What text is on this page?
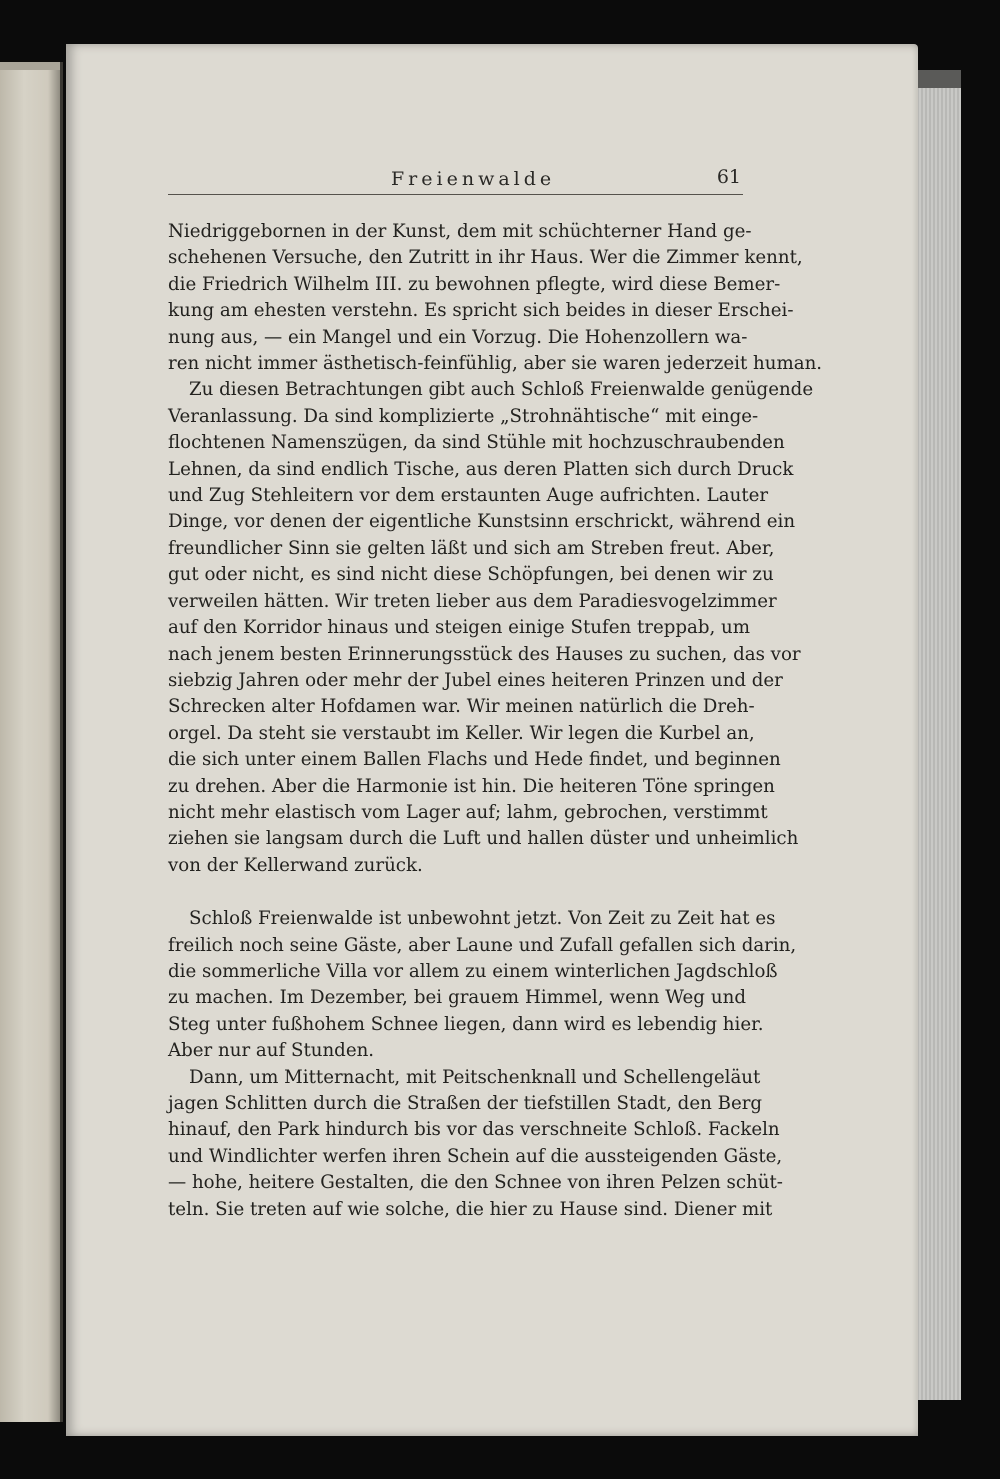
Freienwalde	61
Niedriggebornen in der Kunst, dem mit schüchterner Hand ge-
schehenen Versuche, den Zutritt in ihr Haus. Wer die Zimmer kennt,
die Friedrich Wilhelm III. zu bewohnen pflegte, wird diese Bemer-
kung am ehesten verstehn. Es spricht sich beides in dieser Erschei-
nung aus, — ein Mangel und ein Vorzug. Die Hohenzollern wa-
ren nicht immer ästhetisch-feinfühlig, aber sie waren jederzeit human.
Zu diesen Betrachtungen gibt auch Schloß Freienwalde genügende
Veranlassung. Da sind komplizierte „Strohnähtische“ mit einge-
flochtenen Namenszügen, da sind Stühle mit hochzuschraubenden
Lehnen, da sind endlich Tische, aus deren Platten sich durch Druck
und Zug Stehleitern vor dem erstaunten Auge aufrichten. Lauter
Dinge, vor denen der eigentliche Kunstsinn erschrickt, während ein
freundlicher Sinn sie gelten läßt und sich am Streben freut. Aber,
gut oder nicht, es sind nicht diese Schöpfungen, bei denen wir zu
verweilen hätten. Wir treten lieber aus dem Paradiesvogelzimmer
auf den Korridor hinaus und steigen einige Stufen treppab, um
nach jenem besten Erinnerungsstück des Hauses zu suchen, das vor
siebzig Jahren oder mehr der Jubel eines heiteren Prinzen und der
Schrecken alter Hofdamen war. Wir meinen natürlich die Dreh-
orgel. Da steht sie verstaubt im Keller. Wir legen die Kurbel an,
die sich unter einem Ballen Flachs und Hede findet, und beginnen
zu drehen. Aber die Harmonie ist hin. Die heiteren Töne springen
nicht mehr elastisch vom Lager auf; lahm, gebrochen, verstimmt
ziehen sie langsam durch die Luft und hallen düster und unheimlich
von der Kellerwand zurück.
Schloß Freienwalde ist unbewohnt jetzt. Von Zeit zu Zeit hat es
freilich noch seine Gäste, aber Laune und Zufall gefallen sich darin,
die sommerliche Villa vor allem zu einem winterlichen Jagdschloß
zu machen. Im Dezember, bei grauem Himmel, wenn Weg und
Steg unter fußhohem Schnee liegen, dann wird es lebendig hier.
Aber nur auf Stunden.
Dann, um Mitternacht, mit Peitschenknall und Schellengeläut
jagen Schlitten durch die Straßen der tiefstillen Stadt, den Berg
hinauf, den Park hindurch bis vor das verschneite Schloß. Fackeln
und Windlichter werfen ihren Schein auf die aussteigenden Gäste,
— hohe, heitere Gestalten, die den Schnee von ihren Pelzen schüt-
teln. Sie treten auf wie solche, die hier zu Hause sind. Diener mit
